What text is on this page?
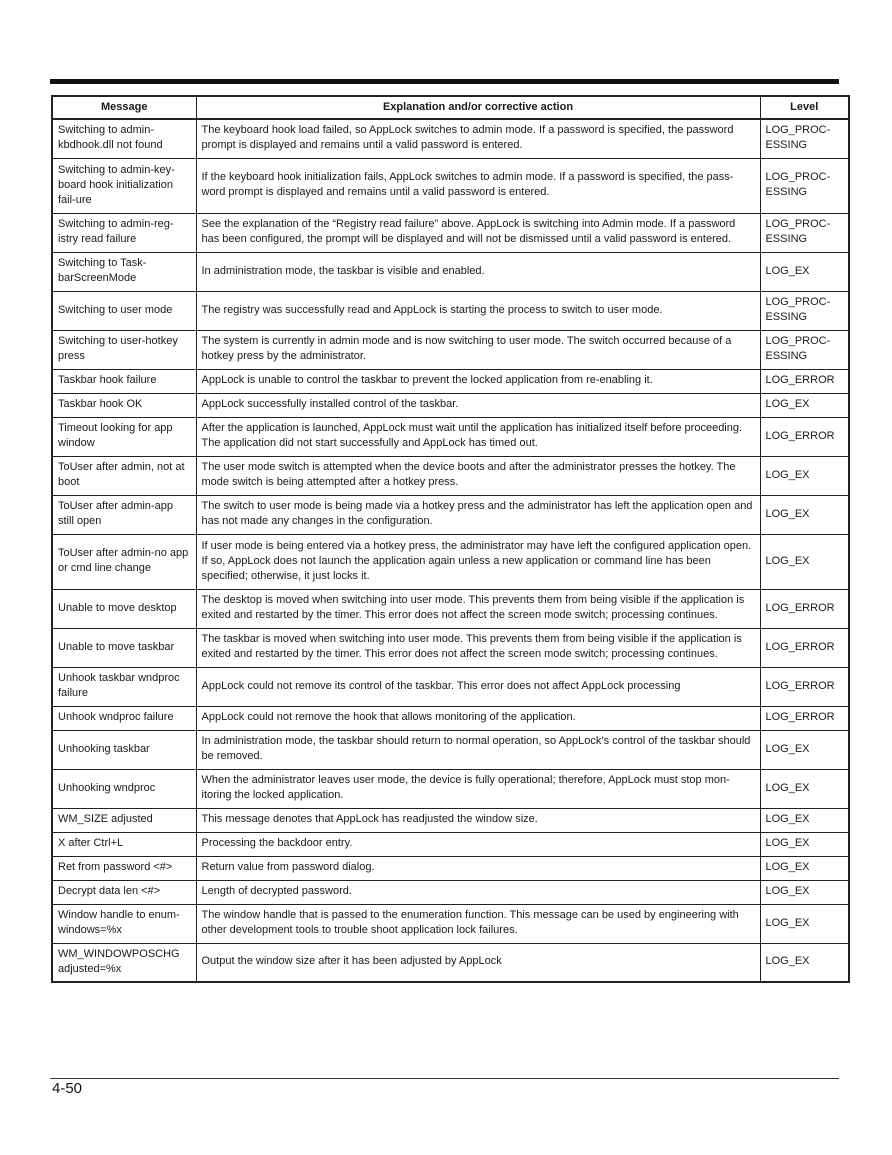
Message	Explanation and/or corrective action	Level
Switching to admin-kbdhook.dll not found	The keyboard hook load failed, so AppLock switches to admin mode. If a password is specified, the password prompt is displayed and remains until a valid password is entered.	LOG_PROC-ESSING
Switching to admin-key-board hook initialization fail-ure	If the keyboard hook initialization fails, AppLock switches to admin mode. If a password is specified, the pass-word prompt is displayed and remains until a valid password is entered.	LOG_PROC-ESSING
Switching to admin-reg-istry read failure	See the explanation of the “Registry read failure” above. AppLock is switching into Admin mode. If a password has been configured, the prompt will be displayed and will not be dismissed until a valid password is entered.	LOG_PROC-ESSING
Switching to Task-barScreenMode	In administration mode, the taskbar is visible and enabled.	LOG_EX
Switching to user mode	The registry was successfully read and AppLock is starting the process to switch to user mode.	LOG_PROC-ESSING
Switching to user-hotkey press	The system is currently in admin mode and is now switching to user mode. The switch occurred because of a hotkey press by the administrator.	LOG_PROC-ESSING
Taskbar hook failure	AppLock is unable to control the taskbar to prevent the locked application from re-enabling it.	LOG_ERROR
Taskbar hook OK	AppLock successfully installed control of the taskbar.	LOG_EX
Timeout looking for app window	After the application is launched, AppLock must wait until the application has initialized itself before proceeding. The application did not start successfully and AppLock has timed out.	LOG_ERROR
ToUser after admin, not at boot	The user mode switch is attempted when the device boots and after the administrator presses the hotkey. The mode switch is being attempted after a hotkey press.	LOG_EX
ToUser after admin-app still open	The switch to user mode is being made via a hotkey press and the administrator has left the application open and has not made any changes in the configuration.	LOG_EX
ToUser after admin-no app or cmd line change	If user mode is being entered via a hotkey press, the administrator may have left the configured application open. If so, AppLock does not launch the application again unless a new application or command line has been specified; otherwise, it just locks it.	LOG_EX
Unable to move desktop	The desktop is moved when switching into user mode. This prevents them from being visible if the application is exited and restarted by the timer. This error does not affect the screen mode switch; processing continues.	LOG_ERROR
Unable to move taskbar	The taskbar is moved when switching into user mode. This prevents them from being visible if the application is exited and restarted by the timer. This error does not affect the screen mode switch; processing continues.	LOG_ERROR
Unhook taskbar wndproc failure	AppLock could not remove its control of the taskbar. This error does not affect AppLock processing	LOG_ERROR
Unhook wndproc failure	AppLock could not remove the hook that allows monitoring of the application.	LOG_ERROR
Unhooking taskbar	In administration mode, the taskbar should return to normal operation, so AppLock’s control of the taskbar should be removed.	LOG_EX
Unhooking wndproc	When the administrator leaves user mode, the device is fully operational; therefore, AppLock must stop mon-itoring the locked application.	LOG_EX
WM_SIZE adjusted	This message denotes that AppLock has readjusted the window size.	LOG_EX
X after Ctrl+L	Processing the backdoor entry.	LOG_EX
Ret from password <#>	Return value from password dialog.	LOG_EX
Decrypt data len <#>	Length of decrypted password.	LOG_EX
Window handle to enum-windows=%x	The window handle that is passed to the enumeration function. This message can be used by engineering with other development tools to trouble shoot application lock failures.	LOG_EX
WM_WINDOWPOSCHG adjusted=%x	Output the window size after it has been adjusted by AppLock	LOG_EX
4-50
